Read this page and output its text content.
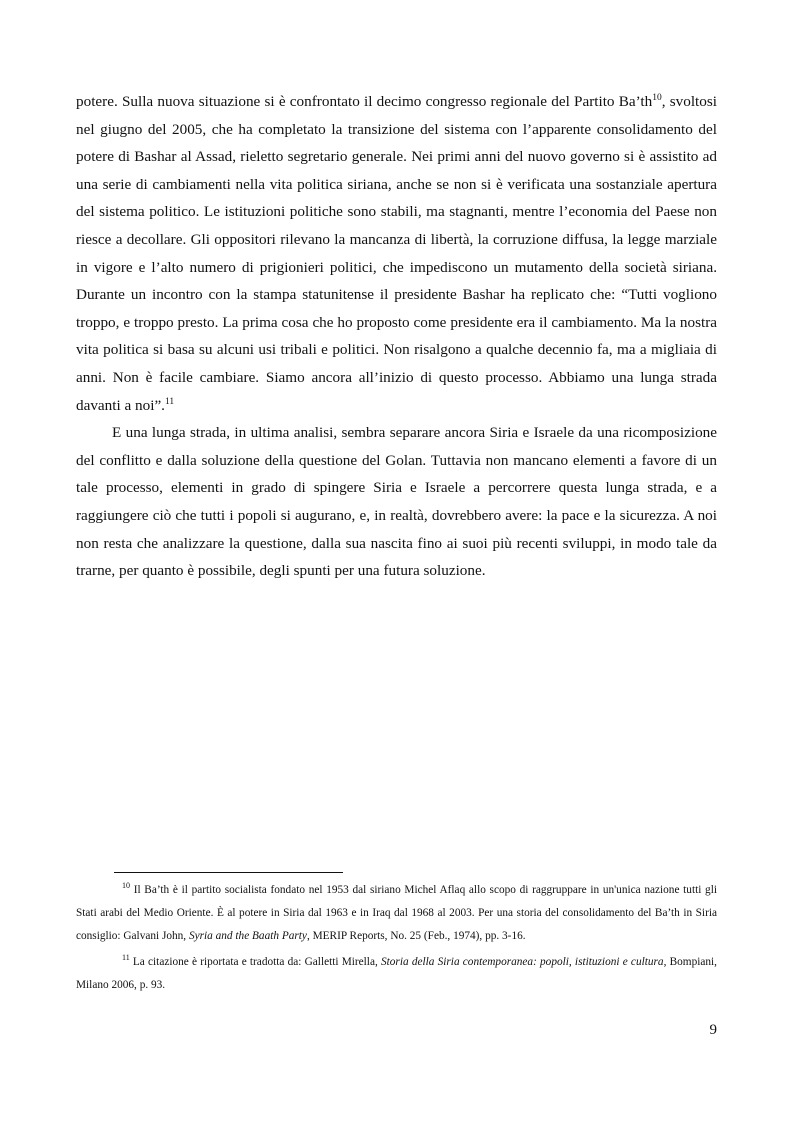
potere. Sulla nuova situazione si è confrontato il decimo congresso regionale del Partito Ba’th$^{10}$, svoltosi nel giugno del 2005, che ha completato la transizione del sistema con l’apparente consolidamento del potere di Bashar al Assad, rieletto segretario generale. Nei primi anni del nuovo governo si è assistito ad una serie di cambiamenti nella vita politica siriana, anche se non si è verificata una sostanziale apertura del sistema politico. Le istituzioni politiche sono stabili, ma stagnanti, mentre l’economia del Paese non riesce a decollare. Gli oppositori rilevano la mancanza di libertà, la corruzione diffusa, la legge marziale in vigore e l’alto numero di prigionieri politici, che impediscono un mutamento della società siriana. Durante un incontro con la stampa statunitense il presidente Bashar ha replicato che: “Tutti vogliono troppo, e troppo presto. La prima cosa che ho proposto come presidente era il cambiamento. Ma la nostra vita politica si basa su alcuni usi tribali e politici. Non risalgono a qualche decennio fa, ma a migliaia di anni. Non è facile cambiare. Siamo ancora all’inizio di questo processo. Abbiamo una lunga strada davanti a noi”.$^{11}$

E una lunga strada, in ultima analisi, sembra separare ancora Siria e Israele da una ricomposizione del conflitto e dalla soluzione della questione del Golan. Tuttavia non mancano elementi a favore di un tale processo, elementi in grado di spingere Siria e Israele a percorrere questa lunga strada, e a raggiungere ciò che tutti i popoli si augurano, e, in realtà, dovrebbero avere: la pace e la sicurezza. A noi non resta che analizzare la questione, dalla sua nascita fino ai suoi più recenti sviluppi, in modo tale da trarne, per quanto è possibile, degli spunti per una futura soluzione.

$^{10}$ Il Ba’th è il partito socialista fondato nel 1953 dal siriano Michel Aflaq allo scopo di raggruppare in un'unica nazione tutti gli Stati arabi del Medio Oriente. È al potere in Siria dal 1963 e in Iraq dal 1968 al 2003. Per una storia del consolidamento del Ba’th in Siria consiglio: Galvani John, Syria and the Baath Party, MERIP Reports, No. 25 (Feb., 1974), pp. 3-16.

$^{11}$ La citazione è riportata e tradotta da: Galletti Mirella, Storia della Siria contemporanea: popoli, istituzioni e cultura, Bompiani, Milano 2006, p. 93.

9
